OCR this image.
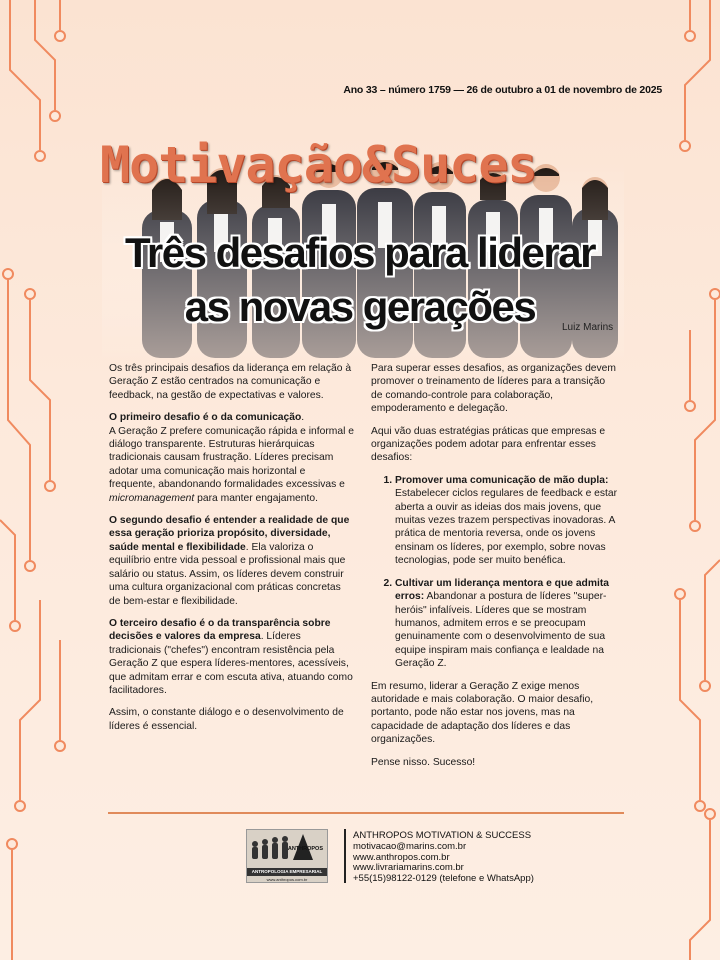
Ano 33 – número 1759 — 26 de outubro a 01 de novembro de 2025
Motivação&Suces
Três desafios para liderar
as novas gerações	Luiz Marins

Os três principais desafios da liderança em relação à Geração Z estão centrados na comunicação e feedback, na gestão de expectativas e valores.

O primeiro desafio é o da comunicação.
A Geração Z prefere comunicação rápida e informal e diálogo transparente. Estruturas hierárquicas tradicionais causam frustração. Líderes precisam adotar uma comunicação mais horizontal e frequente, abandonando formalidades excessivas e micromanagement para manter engajamento.

O segundo desafio é entender a realidade de que essa geração prioriza propósito, diversidade, saúde mental e flexibilidade. Ela valoriza o equilíbrio entre vida pessoal e profissional mais que salário ou status. Assim, os líderes devem construir uma cultura organizacional com práticas concretas de bem-estar e flexibilidade.

O terceiro desafio é o da transparência sobre decisões e valores da empresa. Líderes tradicionais ("chefes") encontram resistência pela Geração Z que espera líderes-mentores, acessíveis, que admitam errar e com escuta ativa, atuando como facilitadores.

Assim, o constante diálogo e o desenvolvimento de líderes é essencial.

Para superar esses desafios, as organizações devem promover o treinamento de líderes para a transição de comando-controle para colaboração, empoderamento e delegação.

Aqui vão duas estratégias práticas que empresas e organizações podem adotar para enfrentar esses desafios:

1. Promover uma comunicação de mão dupla: Estabelecer ciclos regulares de feedback e estar aberta a ouvir as ideias dos mais jovens, que muitas vezes trazem perspectivas inovadoras. A prática de mentoria reversa, onde os jovens ensinam os líderes, por exemplo, sobre novas tecnologias, pode ser muito benéfica.
2. Cultivar um liderança mentora e que admita erros: Abandonar a postura de líderes "super-heróis" infalíveis. Líderes que se mostram humanos, admitem erros e se preocupam genuinamente com o desenvolvimento de sua equipe inspiram mais confiança e lealdade na Geração Z.

Em resumo, liderar a Geração Z exige menos autoridade e mais colaboração. O maior desafio, portanto, pode não estar nos jovens, mas na capacidade de adaptação dos líderes e das organizações.

Pense nisso. Sucesso!

ANTHROPOS
ANTROPOLOGIA EMPRESARIAL
www.anthropos.com.br
ANTHROPOS MOTIVATION & SUCCESS
motivacao@marins.com.br
www.anthropos.com.br
www.livrariamarins.com.br
+55(15)98122-0129 (telefone e WhatsApp)
